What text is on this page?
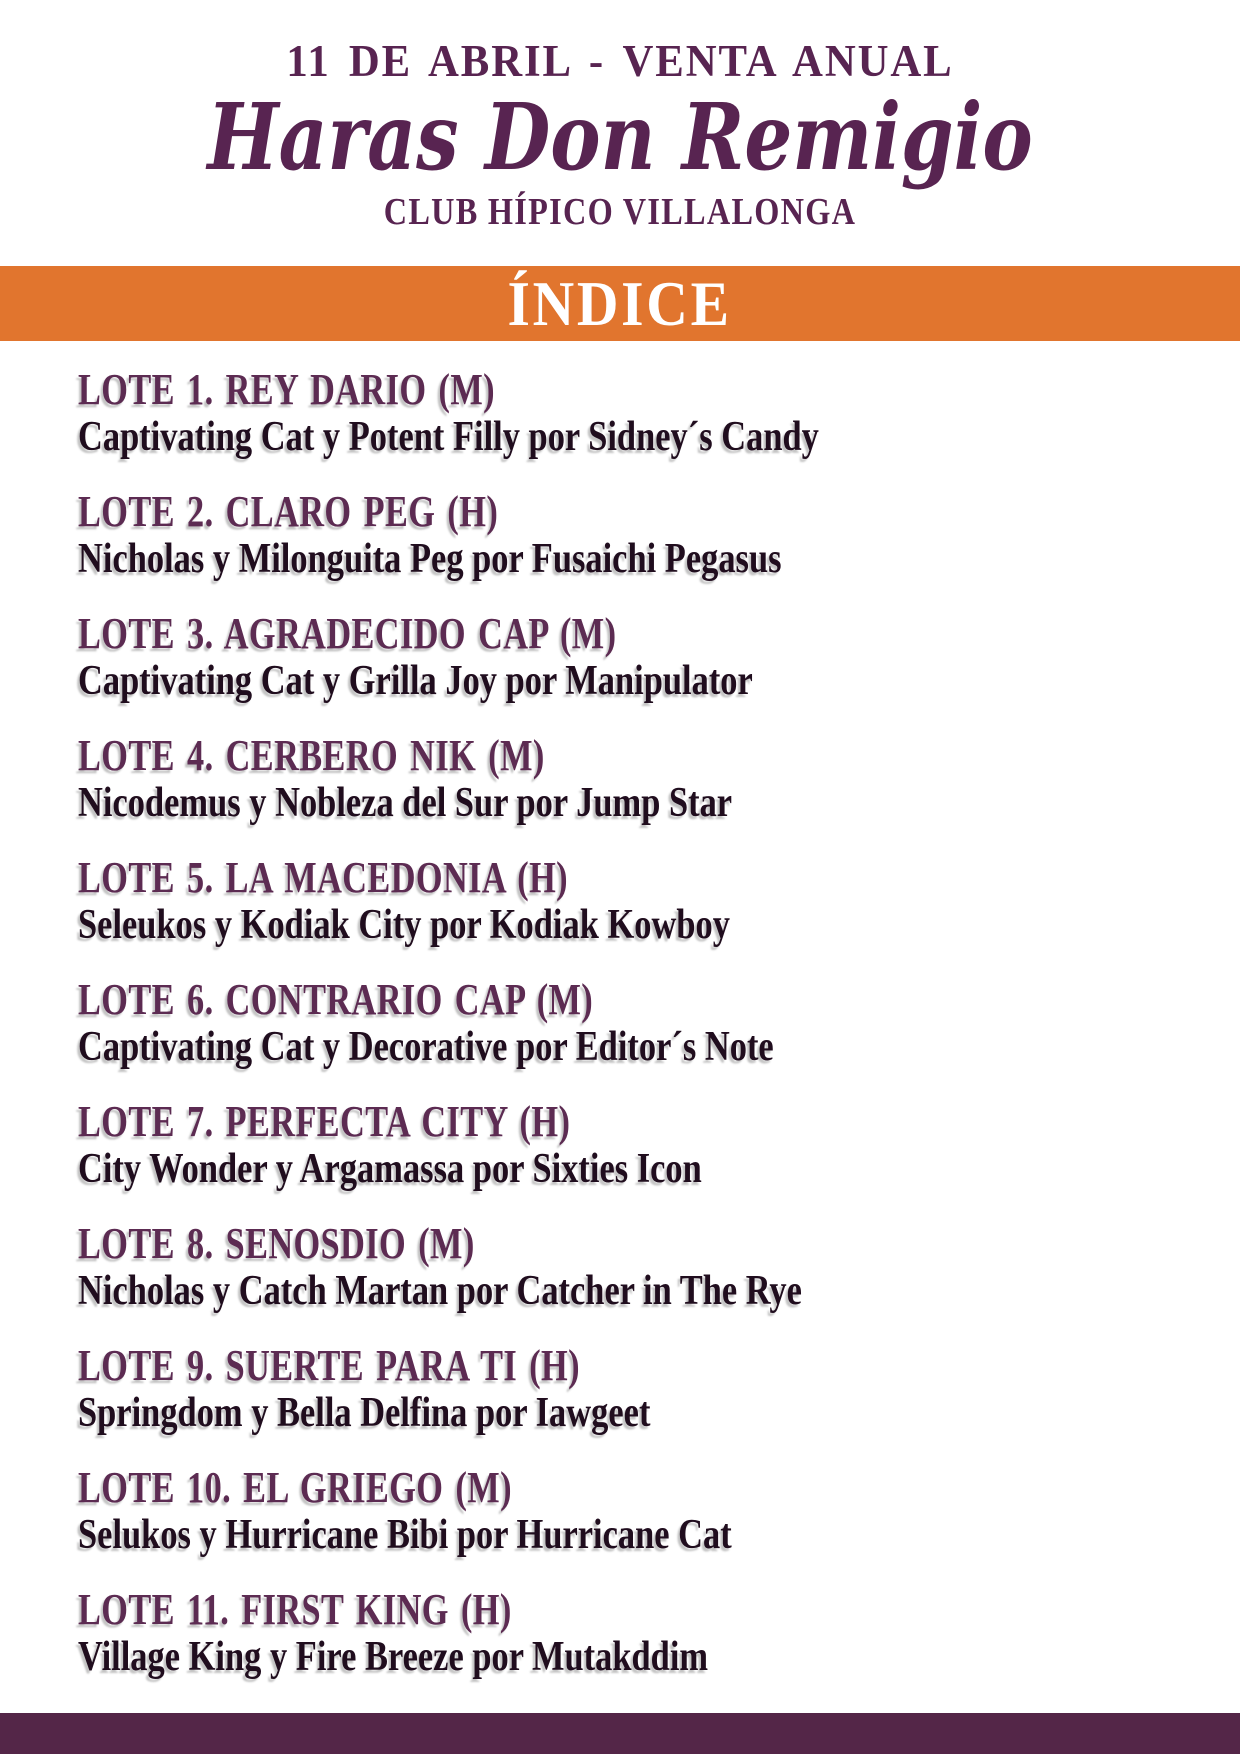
11 DE ABRIL - VENTA ANUAL
Haras Don Remigio
CLUB HÍPICO VILLALONGA
ÍNDICE
LOTE 1. REY DARIO (M)
Captivating Cat y Potent Filly por Sidney´s Candy
LOTE 2. CLARO PEG (H)
Nicholas y Milonguita Peg por Fusaichi Pegasus
LOTE 3. AGRADECIDO CAP (M)
Captivating Cat y Grilla Joy por Manipulator
LOTE 4. CERBERO NIK (M)
Nicodemus y Nobleza del Sur por Jump Star
LOTE 5. LA MACEDONIA (H)
Seleukos y Kodiak City por Kodiak Kowboy
LOTE 6. CONTRARIO CAP (M)
Captivating Cat y Decorative por Editor´s Note
LOTE 7. PERFECTA CITY (H)
City Wonder y Argamassa por Sixties Icon
LOTE 8. SENOSDIO (M)
Nicholas y Catch Martan por Catcher in The Rye
LOTE 9. SUERTE PARA TI (H)
Springdom y Bella Delfina por Iawgeet
LOTE 10. EL GRIEGO (M)
Selukos y Hurricane Bibi por Hurricane Cat
LOTE 11. FIRST KING (H)
Village King y Fire Breeze por Mutakddim
